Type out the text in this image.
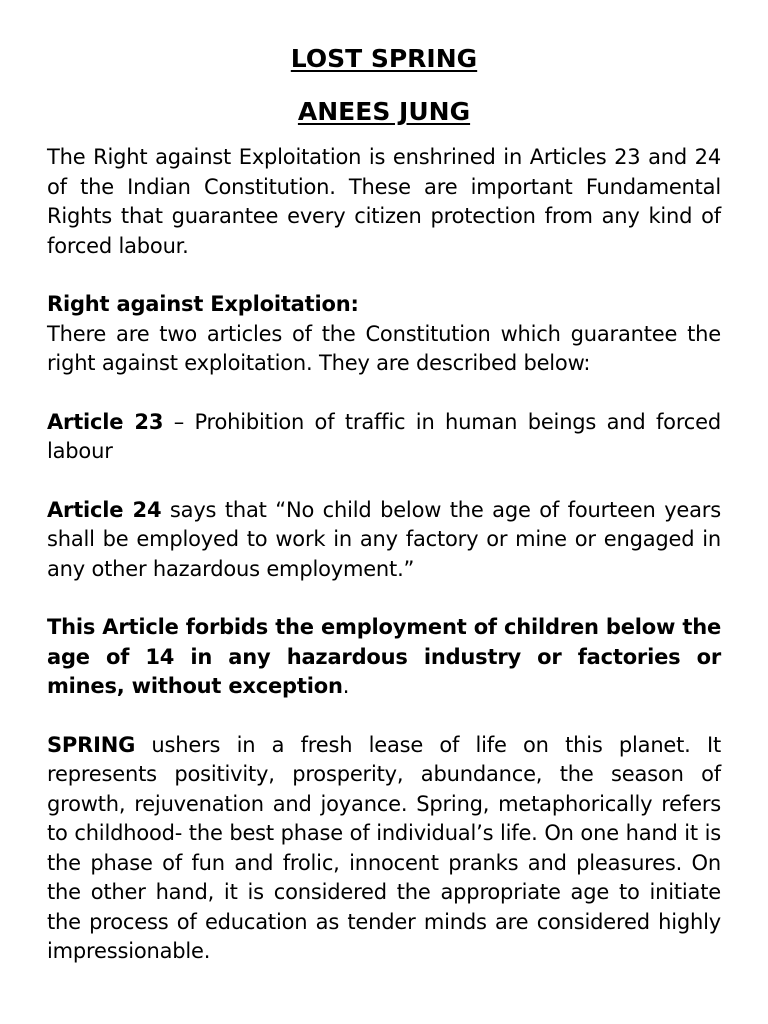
LOST SPRING
ANEES JUNG

The Right against Exploitation is enshrined in Articles 23 and 24 of the Indian Constitution. These are important Fundamental Rights that guarantee every citizen protection from any kind of forced labour.

Right against Exploitation:
There are two articles of the Constitution which guarantee the right against exploitation. They are described below:

Article 23 – Prohibition of traffic in human beings and forced labour

Article 24 says that “No child below the age of fourteen years shall be employed to work in any factory or mine or engaged in any other hazardous employment.”

This Article forbids the employment of children below the age of 14 in any hazardous industry or factories or mines, without exception.

SPRING ushers in a fresh lease of life on this planet. It represents positivity, prosperity, abundance, the season of growth, rejuvenation and joyance. Spring, metaphorically refers to childhood- the best phase of individual’s life. On one hand it is the phase of fun and frolic, innocent pranks and pleasures. On the other hand, it is considered the appropriate age to initiate the process of education as tender minds are considered highly impressionable.
